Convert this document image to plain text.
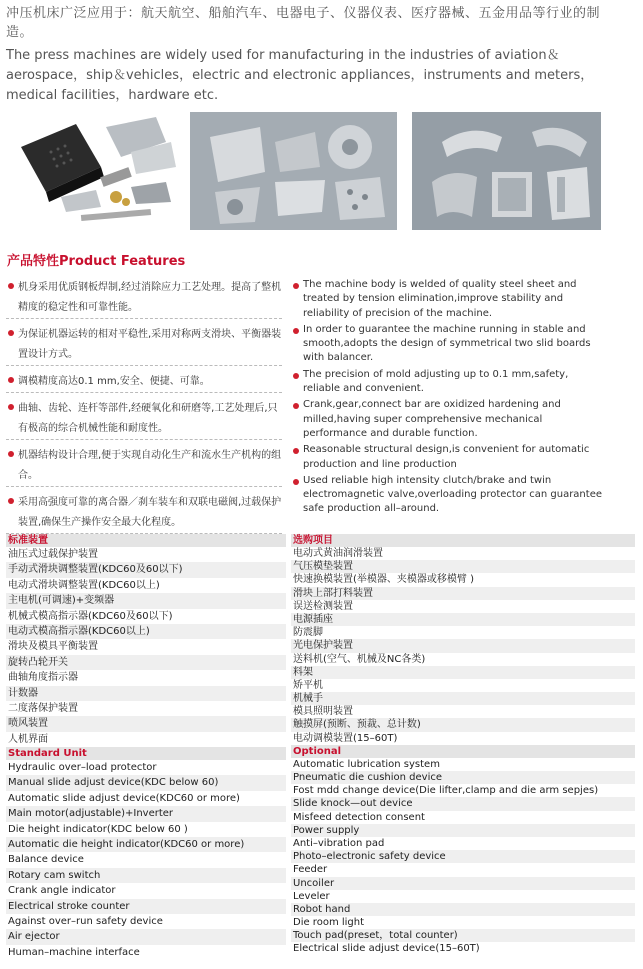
冲压机床广泛应用于：航天航空、船舶汽车、电器电子、仪器仪表、医疗器械、五金用品等行业的制造。
The press machines are widely used for manufacturing in the industries of aviation＆aerospace，ship＆vehicles，electric and electronic appliances，instruments and meters，medical facilities，hardware etc.
产品特性Product Features
机身采用优质钢板焊制,经过消除应力工艺处理。提高了整机精度的稳定性和可靠性能。
为保证机器运转的相对平稳性,采用对称两支滑块、平衡器装置设计方式。
调模精度高达0.1 mm,安全、便捷、可靠。
曲轴、齿轮、连杆等部件,经硬氧化和研磨等,工艺处理后,只有极高的综合机械性能和耐度性。
机器结构设计合理,便于实现自动化生产和流水生产机构的组合。
采用高强度可靠的离合器／刹车装车和双联电磁阀,过载保护装置,确保生产操作安全最大化程度。
The machine body is welded of quality steel sheet and treated by tension elimination,improve stability and reliability of precision of the machine.
In order to guarantee the machine running in stable and smooth,adopts the design of symmetrical two slid boards with balancer.
The precision of mold adjusting up to 0.1 mm,safety, reliable and convenient.
Crank,gear,connect bar are oxidized hardening and milled,having super comprehensive mechanical performance and durable function.
Reasonable structural design,is convenient for automatic production and line production
Used reliable high intensity clutch/brake and twin electromagnetic valve,overloading protector can guarantee safe production all–around.
标准装置
油压式过载保护装置
手动式滑块调整装置(KDC60及60以下)
电动式滑块调整装置(KDC60以上)
主电机(可调速)+变频器
机械式模高指示器(KDC60及60以下)
电动式模高指示器(KDC60以上)
滑块及模具平衡装置
旋转凸轮开关
曲轴角度指示器
计数器
二度落保护装置
喷风装置
人机界面
Standard Unit
Hydraulic over–load protector
Manual slide adjust device(KDC below 60)
Automatic slide adjust device(KDC60 or more)
Main motor(adjustable)+Inverter
Die height indicator(KDC below 60 )
Automatic die height indicator(KDC60 or more)
Balance device
Rotary cam switch
Crank angle indicator
Electrical stroke counter
Against over–run safety device
Air ejector
Human–machine interface
选购项目
电动式黄油润滑装置
气压模垫装置
快速换模装置(举模器、夹模器或移模臂 )
滑块上部打料装置
误送检测装置
电源插座
防震脚
光电保护装置
送料机(空气、机械及NC各类)
料架
矫平机
机械手
模具照明装置
触摸屏(预断、预裁、总计数)
电动调模装置(15–60T)
Optional
Automatic lubrication system
Pneumatic die cushion device
Fost mdd change device(Die lifter,clamp and die arm sepjes)
Slide knock—out device
Misfeed detection consent
Power supply
Anti–vibration pad
Photo–electronic safety device
Feeder
Uncoiler
Leveler
Robot hand
Die room light
Touch pad(preset，total counter)
Electrical slide adjust device(15–60T)
